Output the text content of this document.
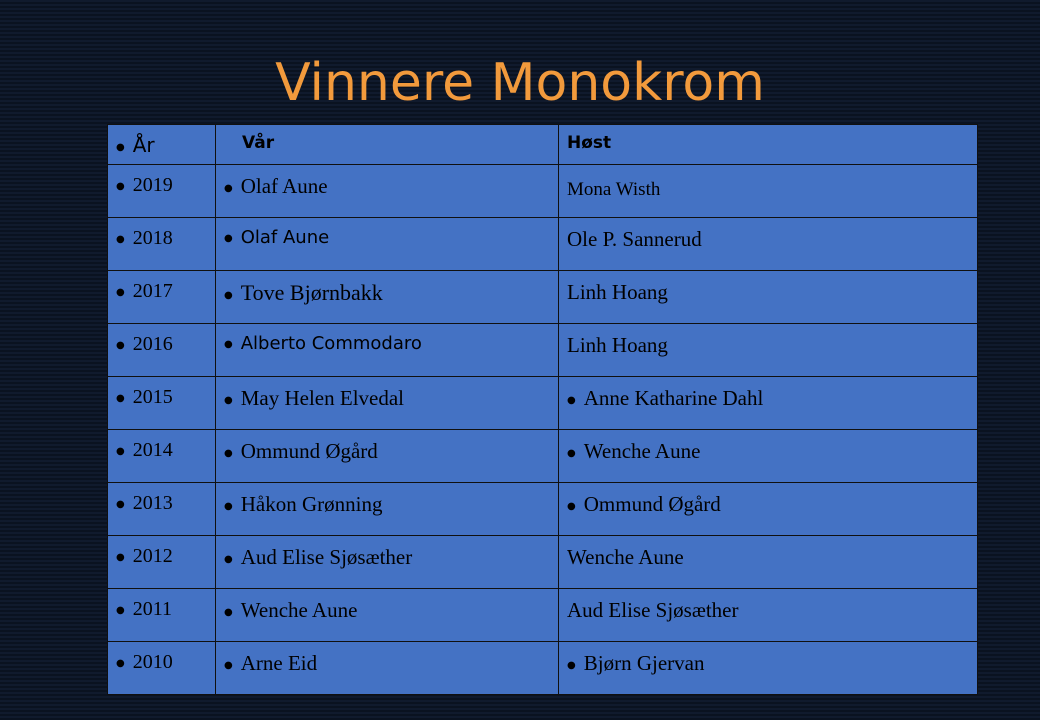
Vinnere Monokrom
● År	Vår	Høst
● 2019	● Olaf Aune	Mona Wisth
● 2018	● Olaf Aune	Ole P. Sannerud
● 2017	● Tove Bjørnbakk	Linh Hoang
● 2016	● Alberto Commodaro	Linh Hoang
● 2015	● May Helen Elvedal	● Anne Katharine Dahl
● 2014	● Ommund Øgård	● Wenche Aune
● 2013	● Håkon Grønning	● Ommund Øgård
● 2012	● Aud Elise Sjøsæther	Wenche Aune
● 2011	● Wenche Aune	Aud Elise Sjøsæther
● 2010	● Arne Eid	● Bjørn Gjervan
